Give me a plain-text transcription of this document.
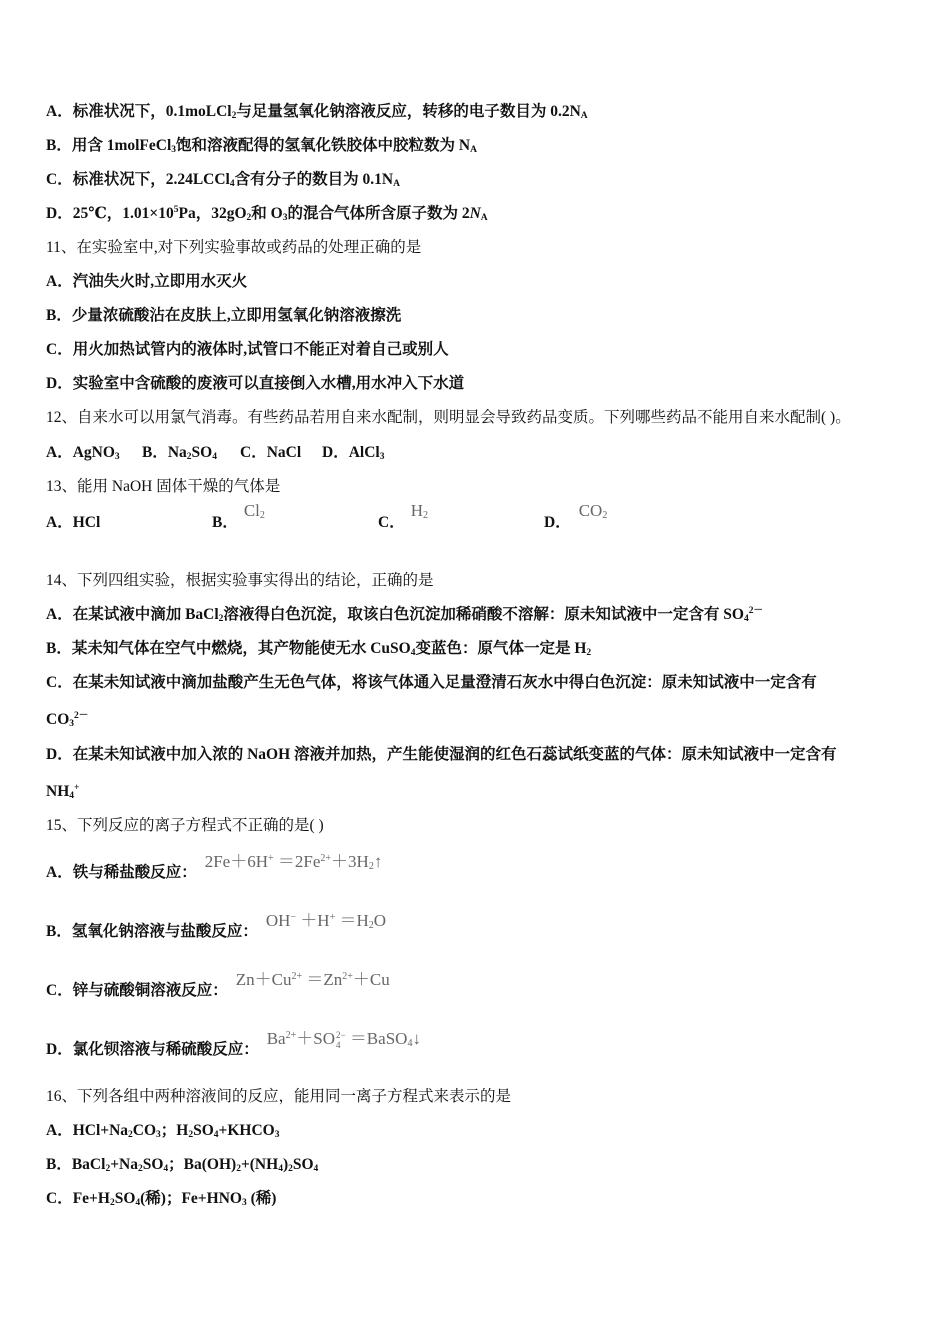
A．标准状况下，0.1moLCl$_2$与足量氢氧化钠溶液反应，转移的电子数目为 $0.2N_A$
B．用含 1molFeCl$_3$饱和溶液配得的氢氧化铁胶体中胶粒数为 $N_A$
C．标准状况下，2.24LCCl$_4$含有分子的数目为 $0.1N_A$
D．25℃，$1.01\times 10^5Pa$，$32gO_2$和 $O_3$的混合气体所含原子数为 $2N_A$
11、在实验室中,对下列实验事故或药品的处理正确的是
A．汽油失火时,立即用水灭火
B．少量浓硫酸沾在皮肤上,立即用氢氧化钠溶液擦洗
C．用火加热试管内的液体时,试管口不能正对着自己或别人
D．实验室中含硫酸的废液可以直接倒入水槽,用水冲入下水道
12、自来水可以用氯气消毒。有些药品若用自来水配制，则明显会导致药品变质。下列哪些药品不能用自来水配制( )。
A．AgNO$_3$ B．$Na_2SO_4$ C．NaCl D．AlCl$_3$
13、能用 NaOH 固体干燥的气体是
A．HCl	B．$Cl_2$	C．$H_2$	D．$CO_2$
14、下列四组实验，根据实验事实得出的结论，正确的是
A．在某试液中滴加 BaCl$_2$溶液得白色沉淀，取该白色沉淀加稀硝酸不溶解：原未知试液中一定含有 $SO_4^{2-}$
B．某未知气体在空气中燃烧，其产物能使无水 CuSO$_4$变蓝色：原气体一定是 $H_2$
C．在某未知试液中滴加盐酸产生无色气体，将该气体通入足量澄清石灰水中得白色沉淀：原未知试液中一定含有
$CO_3^{2-}$
D．在某未知试液中加入浓的 NaOH 溶液并加热，产生能使湿润的红色石蕊试纸变蓝的气体：原未知试液中一定含有
$NH_4^+$
15、下列反应的离子方程式不正确的是( )
A．铁与稀盐酸反应：$2Fe+6H^+ =2Fe^{2+}+3H_2↑$
B．氢氧化钠溶液与盐酸反应：$OH^- +H^+ =H_2O$
C．锌与硫酸铜溶液反应：$Zn+Cu^{2+} =Zn^{2+}+Cu$
D．氯化钡溶液与稀硫酸反应：$Ba^{2+}+SO$ 2−
4 ＝BaSO$_4$↓
16、下列各组中两种溶液间的反应，能用同一离子方程式来表示的是
A．$HCl+Na_2CO_3$；$H_2SO_4+KHCO_3$
B．$BaCl_2+Na_2SO_4$；$Ba(OH)_2+(NH_4)_2SO_4$
C．$Fe+H_2SO_4$(稀)；$Fe+HNO_3$ (稀)
